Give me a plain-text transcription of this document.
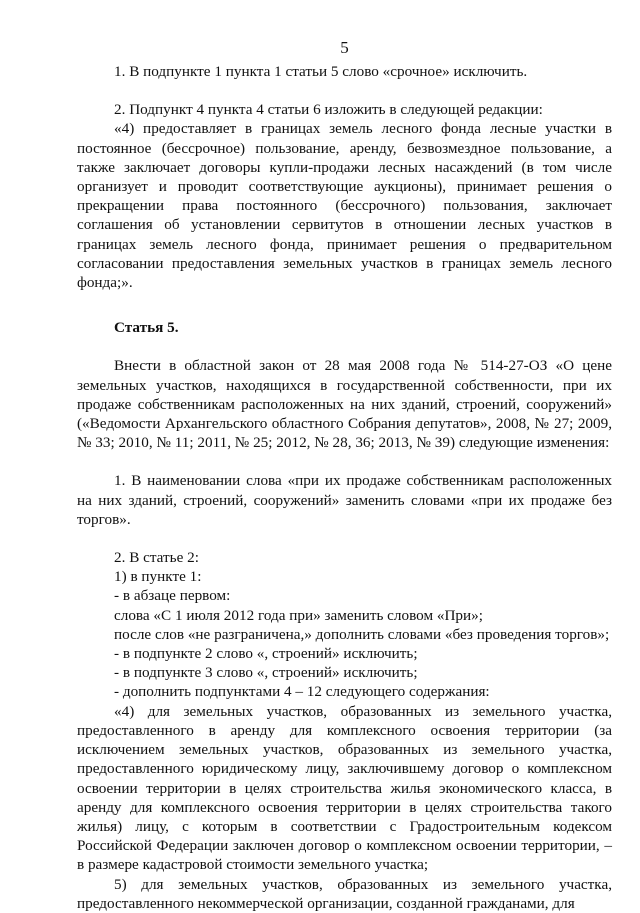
5

1. В подпункте 1 пункта 1 статьи 5 слово «срочное» исключить.

2. Подпункт 4 пункта 4 статьи 6 изложить в следующей редакции:

«4) предоставляет в границах земель лесного фонда лесные участки в постоянное (бессрочное) пользование, аренду, безвозмездное пользование, а также заключает договоры купли-продажи лесных насаждений (в том числе организует и проводит соответствующие аукционы), принимает решения о прекращении права постоянного (бессрочного) пользования, заключает соглашения об установлении сервитутов в отношении лесных участков в границах земель лесного фонда, принимает решения о предварительном согласовании предоставления земельных участков в границах земель лесного фонда;».

Статья 5.

Внести в областной закон от 28 мая 2008 года № 514-27-ОЗ «О цене земельных участков, находящихся в государственной собственности, при их продаже собственникам расположенных на них зданий, строений, сооружений» («Ведомости Архангельского областного Собрания депутатов», 2008, № 27; 2009, № 33; 2010, № 11; 2011, № 25; 2012, № 28, 36; 2013, № 39) следующие изменения:

1. В наименовании слова «при их продаже собственникам расположенных на них зданий, строений, сооружений» заменить словами «при их продаже без торгов».

2. В статье 2:

1) в пункте 1:

- в абзаце первом:

слова «С 1 июля 2012 года при» заменить словом «При»;

после слов «не разграничена,» дополнить словами «без проведения торгов»;

- в подпункте 2 слово «, строений» исключить;

- в подпункте 3 слово «, строений» исключить;

- дополнить подпунктами 4 – 12 следующего содержания:

«4) для земельных участков, образованных из земельного участка, предоставленного в аренду для комплексного освоения территории (за исключением земельных участков, образованных из земельного участка, предоставленного юридическому лицу, заключившему договор о комплексном освоении территории в целях строительства жилья экономического класса, в аренду для комплексного освоения территории в целях строительства такого жилья) лицу, с которым в соответствии с Градостроительным кодексом Российской Федерации заключен договор о комплексном освоении территории, – в размере кадастровой стоимости земельного участка;

5) для земельных участков, образованных из земельного участка, предоставленного некоммерческой организации, созданной гражданами, для
